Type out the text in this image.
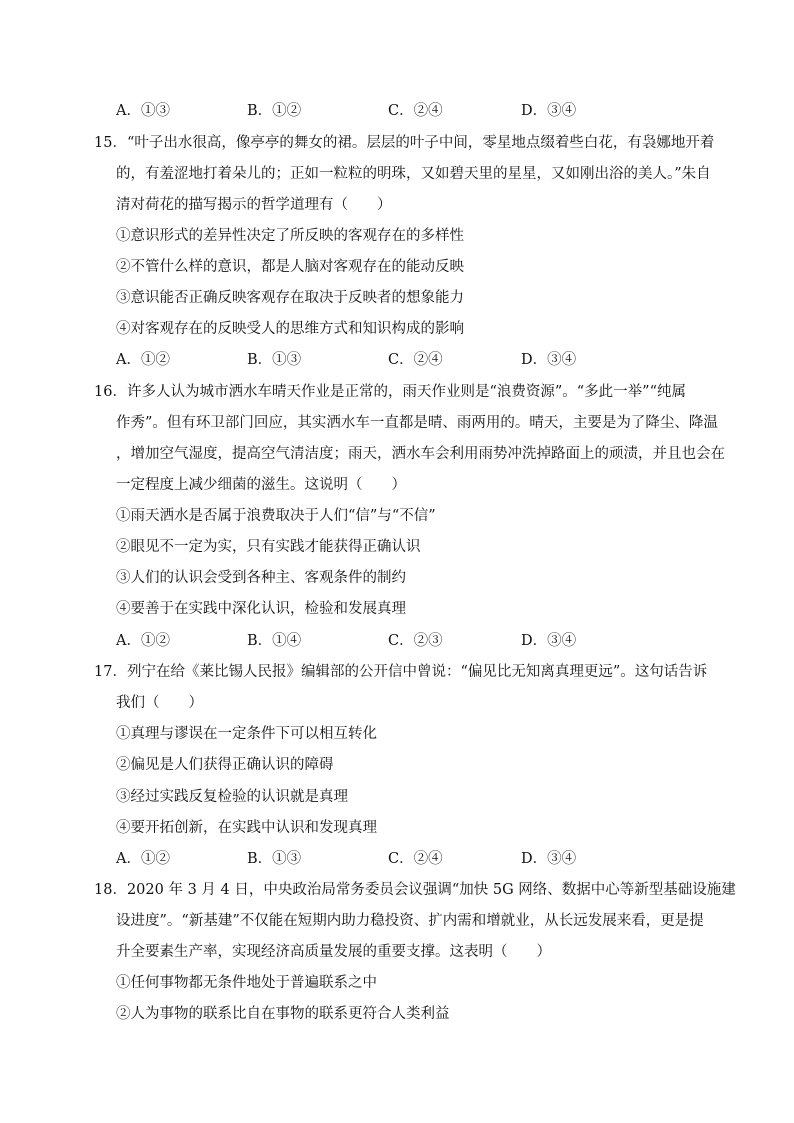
A．①③	B．①②	C．②④	D．③④
15．“叶子出水很高，像亭亭的舞女的裙。层层的叶子中间，零星地点缀着些白花，有袅娜地开着
的，有羞涩地打着朵儿的；正如一粒粒的明珠，又如碧天里的星星，又如刚出浴的美人。”朱自
清对荷花的描写揭示的哲学道理有（　　）
①意识形式的差异性决定了所反映的客观存在的多样性
②不管什么样的意识，都是人脑对客观存在的能动反映
③意识能否正确反映客观存在取决于反映者的想象能力
④对客观存在的反映受人的思维方式和知识构成的影响
A．①②	B．①③	C．②④	D．③④
16．许多人认为城市洒水车晴天作业是正常的，雨天作业则是“浪费资源”。“多此一举”“纯属
作秀”。但有环卫部门回应，其实洒水车一直都是晴、雨两用的。晴天，主要是为了降尘、降温
，增加空气湿度，提高空气清洁度；雨天，洒水车会利用雨势冲洗掉路面上的顽渍，并且也会在
一定程度上减少细菌的滋生。这说明（　　）
①雨天洒水是否属于浪费取决于人们“信”与“不信”
②眼见不一定为实，只有实践才能获得正确认识
③人们的认识会受到各种主、客观条件的制约
④要善于在实践中深化认识，检验和发展真理
A．①②	B．①④	C．②③	D．③④
17．列宁在给《莱比锡人民报》编辑部的公开信中曾说：“偏见比无知离真理更远”。这句话告诉
我们（　　）
①真理与谬误在一定条件下可以相互转化
②偏见是人们获得正确认识的障碍
③经过实践反复检验的认识就是真理
④要开拓创新，在实践中认识和发现真理
A．①②	B．①③	C．②④	D．③④
18．2020 年 3 月 4 日，中央政治局常务委员会议强调“加快 5G 网络、数据中心等新型基础设施建
设进度”。“新基建”不仅能在短期内助力稳投资、扩内需和增就业，从长远发展来看，更是提
升全要素生产率，实现经济高质量发展的重要支撑。这表明（　　）
①任何事物都无条件地处于普遍联系之中
②人为事物的联系比自在事物的联系更符合人类利益
